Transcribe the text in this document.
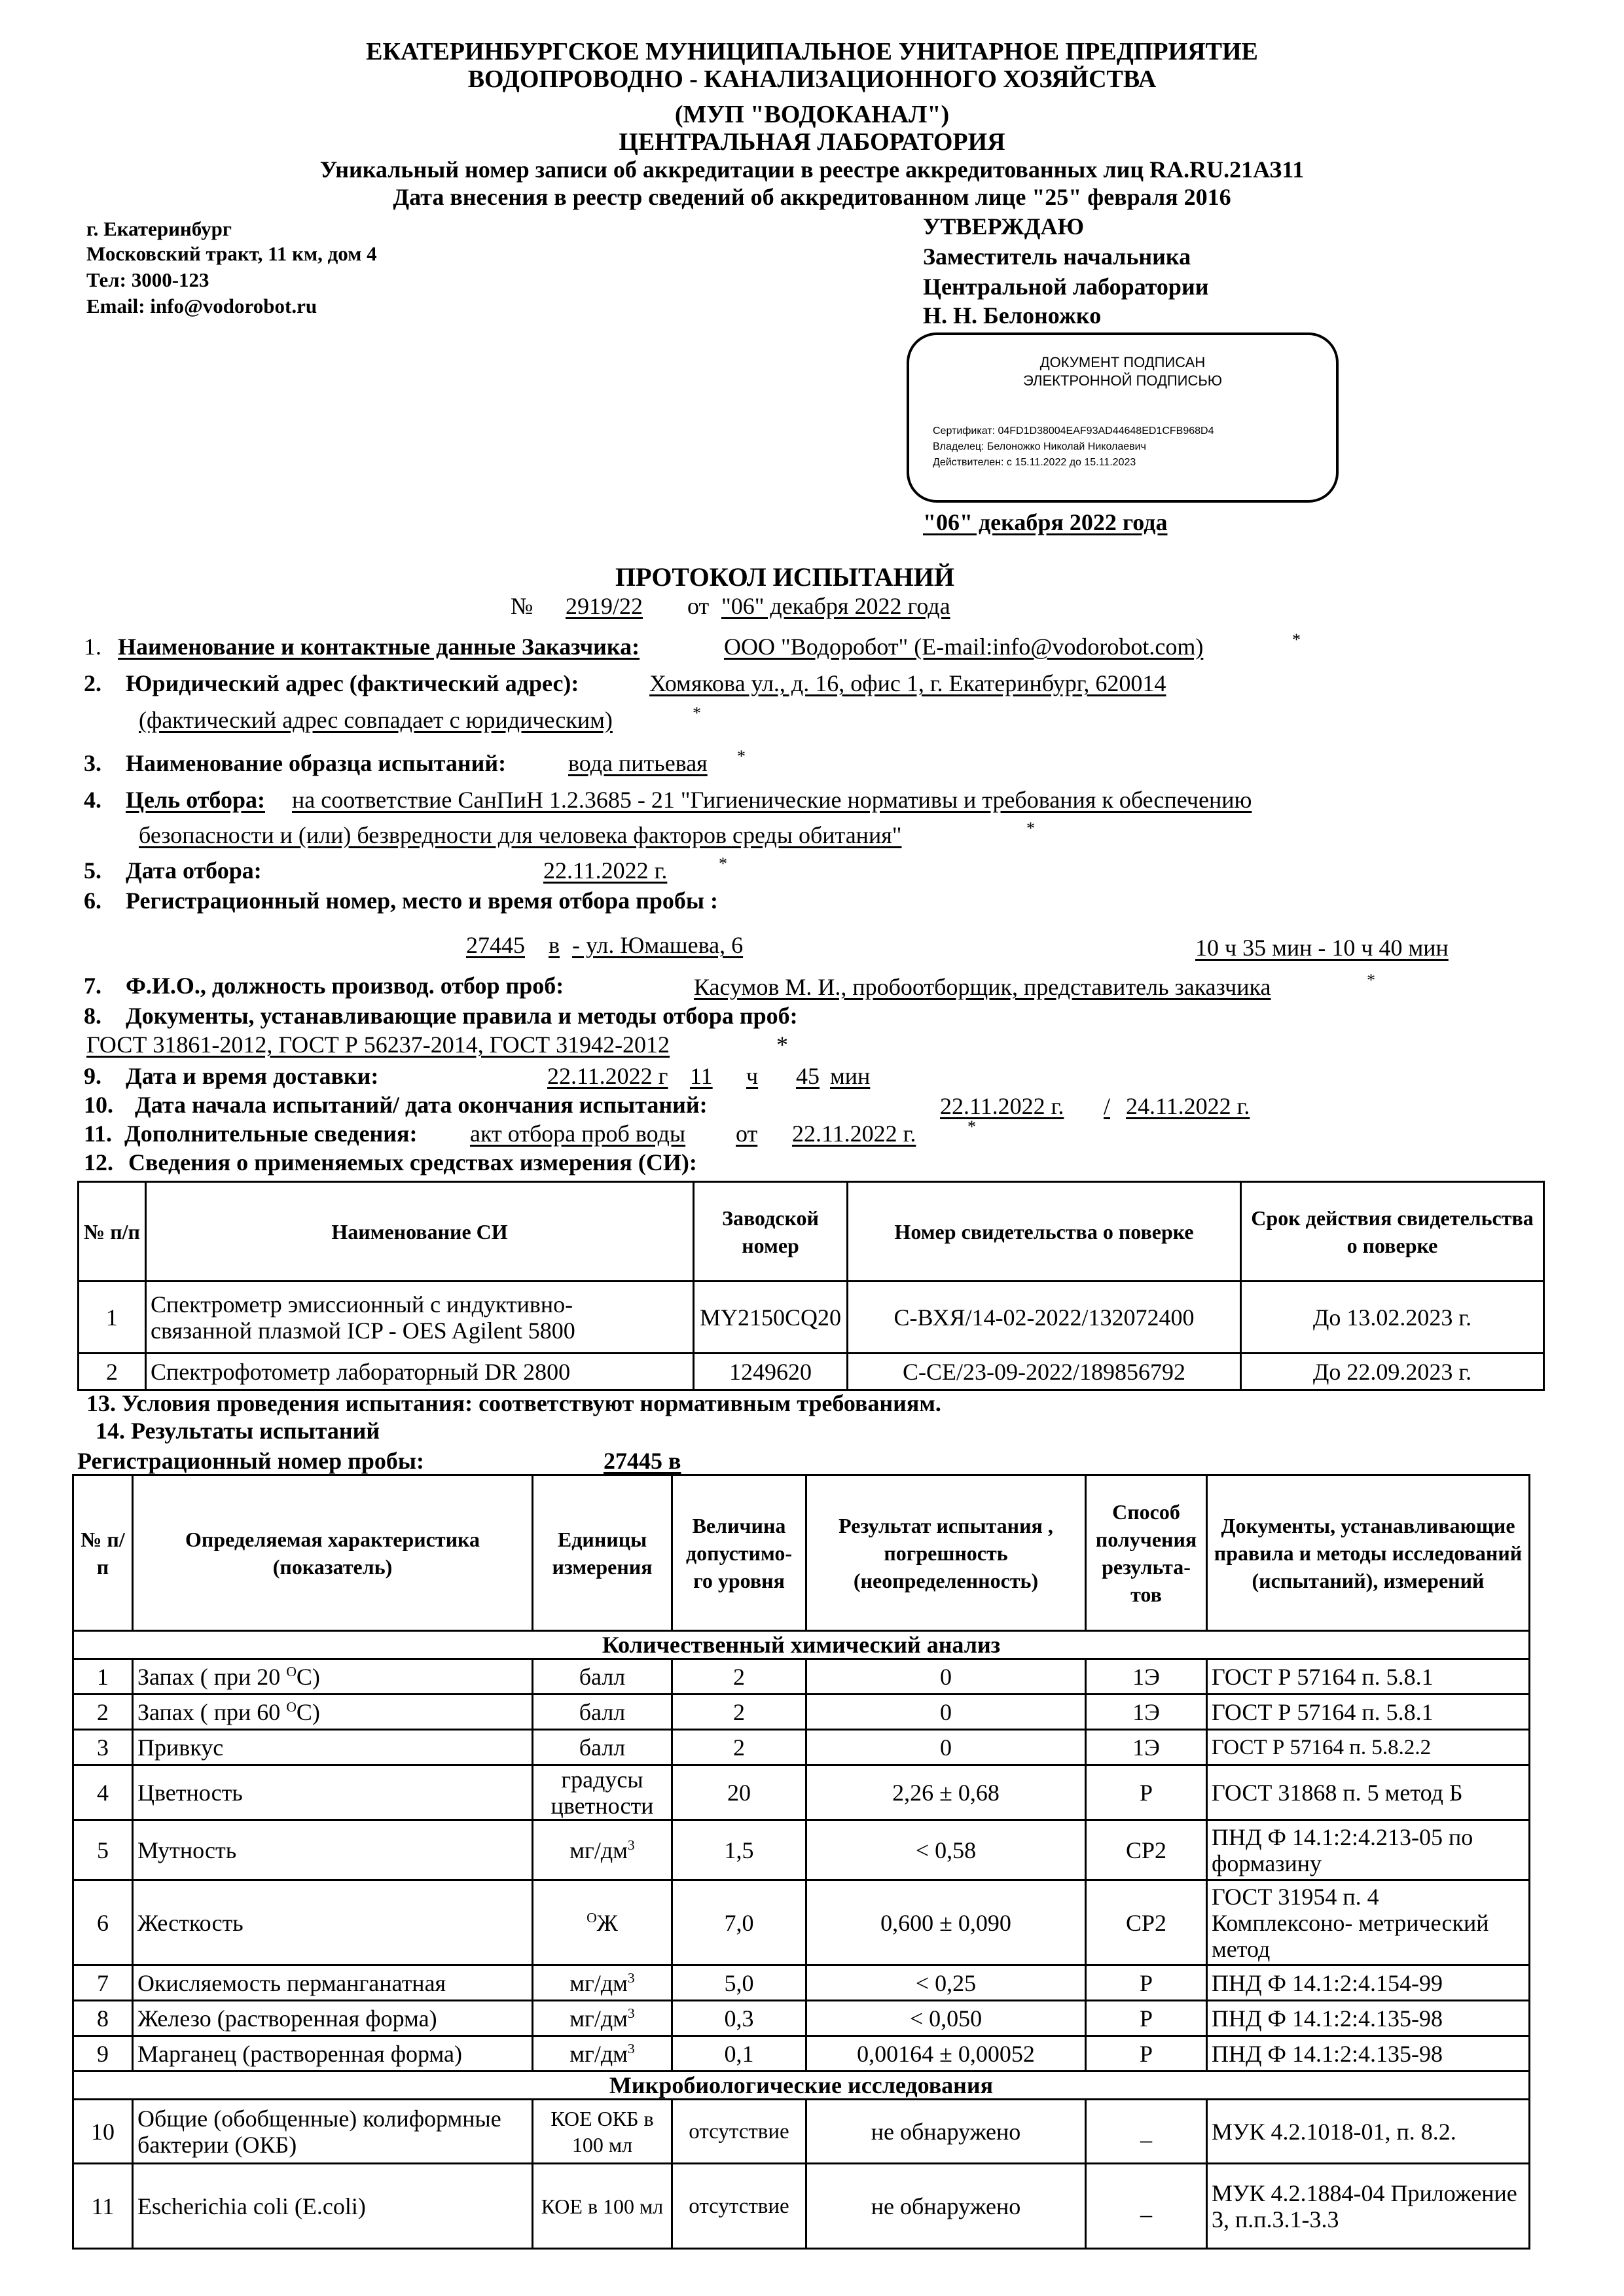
ЕКАТЕРИНБУРГСКОЕ МУНИЦИПАЛЬНОЕ УНИТАРНОЕ ПРЕДПРИЯТИЕ
ВОДОПРОВОДНО - КАНАЛИЗАЦИОННОГО ХОЗЯЙСТВА
(МУП "ВОДОКАНАЛ")
ЦЕНТРАЛЬНАЯ ЛАБОРАТОРИЯ
Уникальный номер записи об аккредитации в реестре аккредитованных лиц RA.RU.21АЗ11
Дата внесения в реестр сведений об аккредитованном лице "25" февраля 2016
г. Екатеринбург
Московский тракт, 11 км, дом 4
Тел: 3000-123
Email: info@vodorobot.ru
УТВЕРЖДАЮ
Заместитель начальника
Центральной лаборатории
Н. Н. Белоножко
ДОКУМЕНТ ПОДПИСАН
ЭЛЕКТРОННОЙ ПОДПИСЬЮ
Сертификат: 04FD1D38004EAF93AD44648ED1CFB968D4
Владелец: Белоножко Николай Николаевич
Действителен: с 15.11.2022 до 15.11.2023
"06" декабря 2022 года
ПРОТОКОЛ ИСПЫТАНИЙ
№ 2919/22 от "06" декабря 2022 года
1. Наименование и контактные данные Заказчика:	ООО "Водоробот" (E-mail:info@vodorobot.com)	*
2. Юридический адрес (фактический адрес):	Хомякова ул., д. 16, офис 1, г. Екатеринбург, 620014
(фактический адрес совпадает с юридическим)	*
3. Наименование образца испытаний:	вода питьевая *
4. Цель отбора: на соответствие СанПиН 1.2.3685 - 21 "Гигиенические нормативы и требования к обеспечению
безопасности и (или) безвредности для человека факторов среды обитания"	*
5. Дата отбора:	22.11.2022 г.	*
6. Регистрационный номер, место и время отбора пробы :
27445 в - ул. Юмашева, 6	10 ч 35 мин - 10 ч 40 мин
7. Ф.И.О., должность производ. отбор проб:	Касумов М. И., пробоотборщик, представитель заказчика	*
8. Документы, устанавливающие правила и методы отбора проб:
ГОСТ 31861-2012, ГОСТ Р 56237-2014, ГОСТ 31942-2012	*
9. Дата и время доставки:	22.11.2022 г 11	ч 45 мин
10. Дата начала испытаний/ дата окончания испытаний:	22.11.2022 г.	/ 24.11.2022 г.
11. Дополнительные сведения: акт отбора проб воды	от	22.11.2022 г.	*
12. Сведения о применяемых средствах измерения (СИ):
№ п/п	Наименование СИ	Заводской номер	Номер свидетельства о поверке	Срок действия свидетельства о поверке
1	Спектрометр эмиссионный с индуктивно-
связанной плазмой ICP - OES Agilent 5800	MY2150CQ20	С-ВХЯ/14-02-2022/132072400	До 13.02.2023 г.
2	Спектрофотометр лабораторный DR 2800	1249620	С-СЕ/23-09-2022/189856792	До 22.09.2023 г.
13. Условия проведения испытания: соответствуют нормативным требованиям.
14. Результаты испытаний
Регистрационный номер пробы:	27445 в
№ п/п	Определяемая характеристика (показатель)	Единицы измерения	Величина допустимо- го уровня	Результат испытания , погрешность (неопределенность)	Способ получения результа- тов	Документы, устанавливающие правила и методы исследований (испытаний), измерений
Количественный химический анализ						
1	Запах ( при 20 $^O$С)	балл	2	0	1Э	ГОСТ Р 57164 п. 5.8.1
2	Запах ( при 60 $^O$С)	балл	2	0	1Э	ГОСТ Р 57164 п. 5.8.1
3	Привкус	балл	2	0	1Э	ГОСТ Р 57164 п. 5.8.2.2
4	Цветность	градусы цветности	20	2,26 ± 0,68	Р	ГОСТ 31868 п. 5 метод Б
5	Мутность	$мг/дм^3$	1,5	< 0,58	СР2	ПНД Ф 14.1:2:4.213-05 по формазину
6	Жесткость	$^О$Ж	7,0	0,600 ± 0,090	СР2	ГОСТ 31954 п. 4 Комплексоно- метрический метод
7	Окисляемость перманганатная	$мг/дм^3$	5,0	< 0,25	Р	ПНД Ф 14.1:2:4.154-99
8	Железо (растворенная форма)	$мг/дм^3$	0,3	< 0,050	Р	ПНД Ф 14.1:2:4.135-98
9	Марганец (растворенная форма)	$мг/дм^3$	0,1	0,00164 ± 0,00052	Р	ПНД Ф 14.1:2:4.135-98
Микробиологические исследования						
10	Общие (обобщенные) колиформные бактерии (ОКБ)	КОЕ ОКБ в 100 мл	отсутствие	не обнаружено	_	МУК 4.2.1018-01, п. 8.2.
11	Escherichia coli (E.coli)	КОЕ в 100 мл	отсутствие	не обнаружено	_	МУК 4.2.1884-04 Приложение 3, п.п.3.1-3.3
